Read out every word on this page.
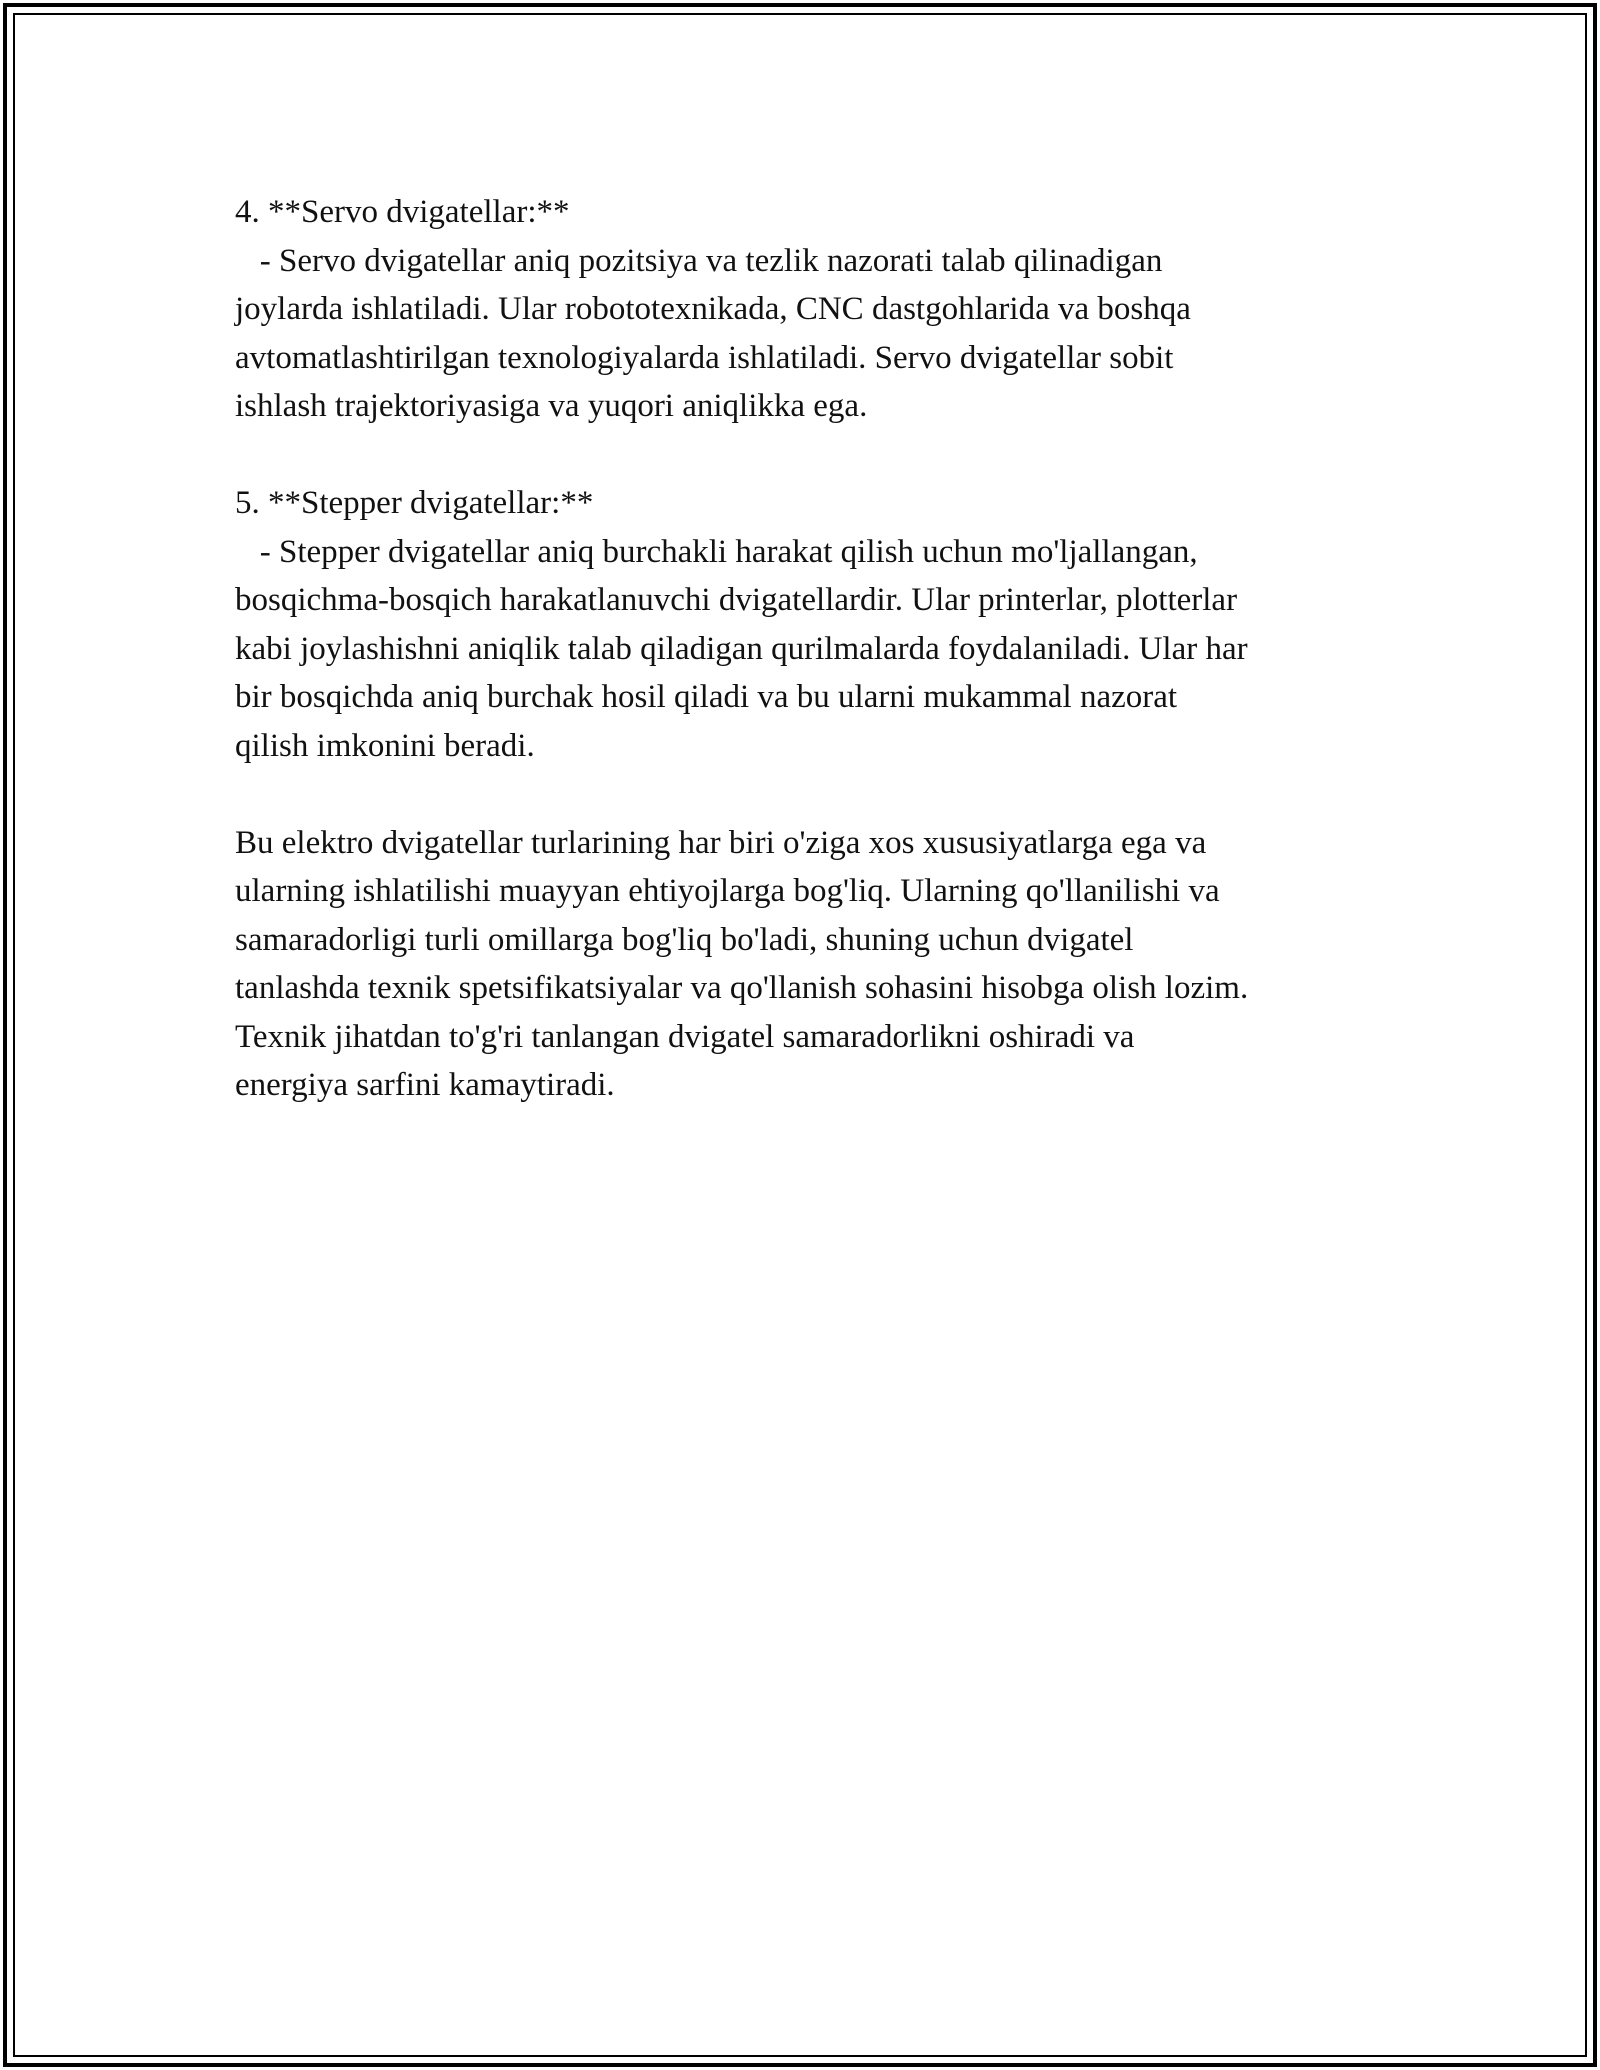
4. **Servo dvigatellar:**
- Servo dvigatellar aniq pozitsiya va tezlik nazorati talab qilinadigan
joylarda ishlatiladi. Ular robototexnikada, CNC dastgohlarida va boshqa
avtomatlashtirilgan texnologiyalarda ishlatiladi. Servo dvigatellar sobit
ishlash trajektoriyasiga va yuqori aniqlikka ega.
5. **Stepper dvigatellar:**
- Stepper dvigatellar aniq burchakli harakat qilish uchun mo'ljallangan,
bosqichma-bosqich harakatlanuvchi dvigatellardir. Ular printerlar, plotterlar
kabi joylashishni aniqlik talab qiladigan qurilmalarda foydalaniladi. Ular har
bir bosqichda aniq burchak hosil qiladi va bu ularni mukammal nazorat
qilish imkonini beradi.
Bu elektro dvigatellar turlarining har biri o'ziga xos xususiyatlarga ega va
ularning ishlatilishi muayyan ehtiyojlarga bog'liq. Ularning qo'llanilishi va
samaradorligi turli omillarga bog'liq bo'ladi, shuning uchun dvigatel
tanlashda texnik spetsifikatsiyalar va qo'llanish sohasini hisobga olish lozim.
Texnik jihatdan to'g'ri tanlangan dvigatel samaradorlikni oshiradi va
energiya sarfini kamaytiradi.
